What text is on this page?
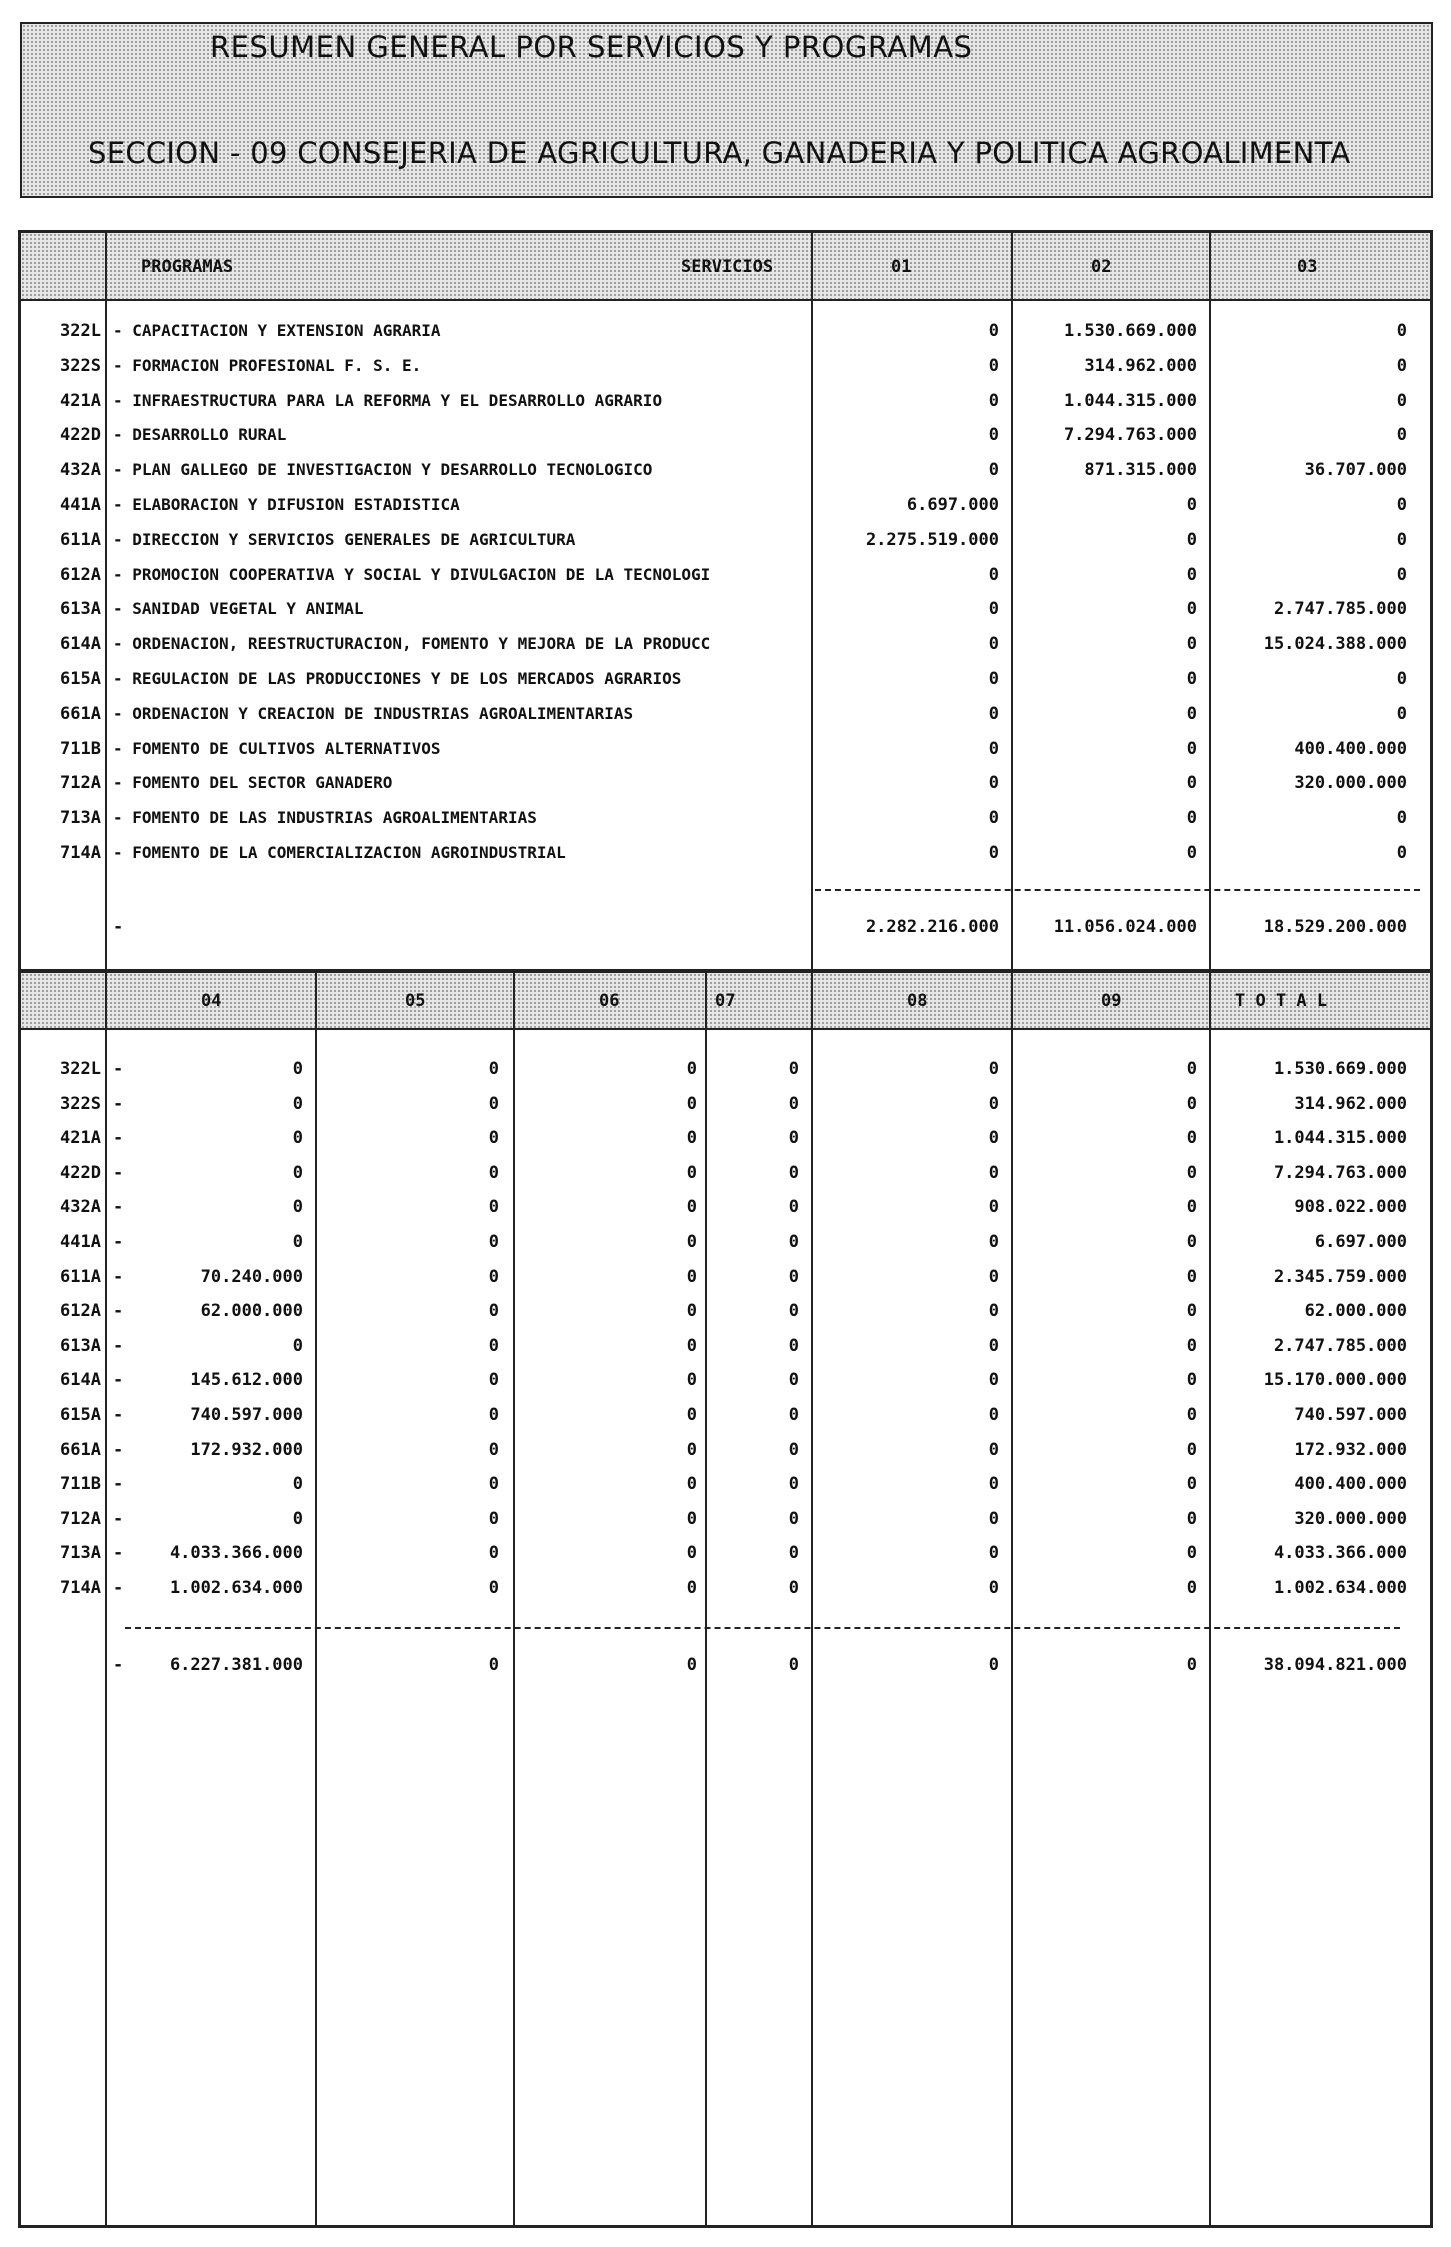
RESUMEN GENERAL POR SERVICIOS Y PROGRAMAS
SECCION - 09 CONSEJERIA DE AGRICULTURA, GANADERIA Y POLITICA AGROALIMENTA
PROGRAMAS	SERVICIOS	01	02	03
322L - CAPACITACION Y EXTENSION AGRARIA	0	1.530.669.000	0
322S - FORMACION PROFESIONAL F. S. E.	0	314.962.000	0
421A - INFRAESTRUCTURA PARA LA REFORMA Y EL DESARROLLO AGRARIO	0	1.044.315.000	0
422D - DESARROLLO RURAL	0	7.294.763.000	0
432A - PLAN GALLEGO DE INVESTIGACION Y DESARROLLO TECNOLOGICO	0	871.315.000	36.707.000
441A - ELABORACION Y DIFUSION ESTADISTICA	6.697.000	0	0
611A - DIRECCION Y SERVICIOS GENERALES DE AGRICULTURA	2.275.519.000	0	0
612A - PROMOCION COOPERATIVA Y SOCIAL Y DIVULGACION DE LA TECNOLOGI	0	0	0
613A - SANIDAD VEGETAL Y ANIMAL	0	0	2.747.785.000
614A - ORDENACION, REESTRUCTURACION, FOMENTO Y MEJORA DE LA PRODUCC	0	0	15.024.388.000
615A - REGULACION DE LAS PRODUCCIONES Y DE LOS MERCADOS AGRARIOS	0	0	0
661A - ORDENACION Y CREACION DE INDUSTRIAS AGROALIMENTARIAS	0	0	0
711B - FOMENTO DE CULTIVOS ALTERNATIVOS	0	0	400.400.000
712A - FOMENTO DEL SECTOR GANADERO	0	0	320.000.000
713A - FOMENTO DE LAS INDUSTRIAS AGROALIMENTARIAS	0	0	0
714A - FOMENTO DE LA COMERCIALIZACION AGROINDUSTRIAL	0	0	0
-	2.282.216.000	11.056.024.000	18.529.200.000
04	05	06	07	08	09	T O T A L
322L -	0	0	0	0	0	0	1.530.669.000
322S -	0	0	0	0	0	0	314.962.000
421A -	0	0	0	0	0	0	1.044.315.000
422D -	0	0	0	0	0	0	7.294.763.000
432A -	0	0	0	0	0	0	908.022.000
441A -	0	0	0	0	0	0	6.697.000
611A -	70.240.000	0	0	0	0	0	2.345.759.000
612A -	62.000.000	0	0	0	0	0	62.000.000
613A -	0	0	0	0	0	0	2.747.785.000
614A -	145.612.000	0	0	0	0	0	15.170.000.000
615A -	740.597.000	0	0	0	0	0	740.597.000
661A -	172.932.000	0	0	0	0	0	172.932.000
711B -	0	0	0	0	0	0	400.400.000
712A -	0	0	0	0	0	0	320.000.000
713A -	4.033.366.000	0	0	0	0	0	4.033.366.000
714A -	1.002.634.000	0	0	0	0	0	1.002.634.000
-	6.227.381.000	0	0	0	0	0	38.094.821.000
